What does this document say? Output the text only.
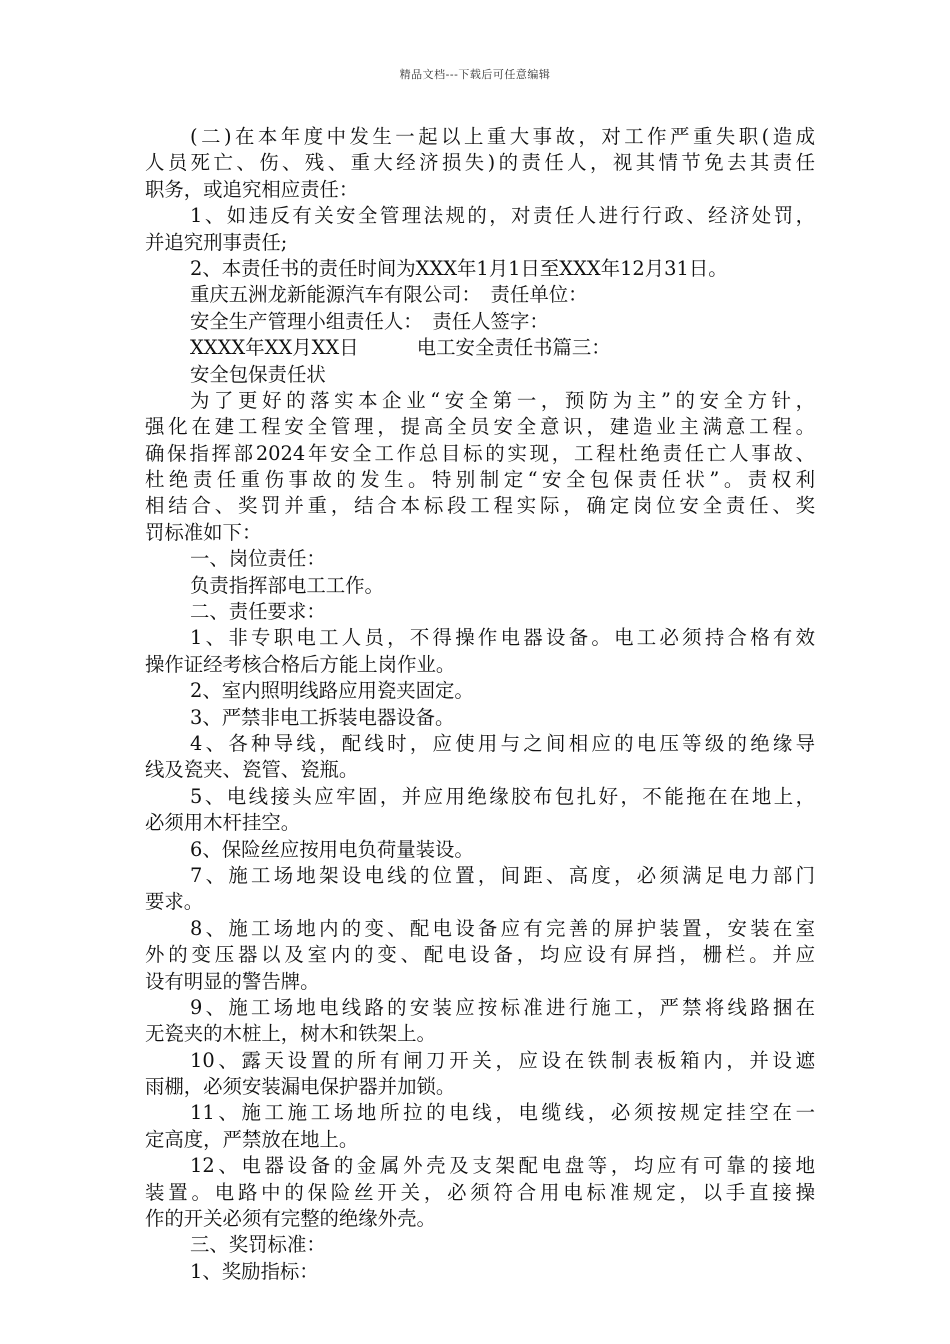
精品文档---下载后可任意编辑
(二)在本年度中发生一起以上重大事故，对工作严重失职(造成
人员死亡、伤、残、重大经济损失)的责任人，视其情节免去其责任
职务，或追究相应责任：
1、如违反有关安全管理法规的，对责任人进行行政、经济处罚，
并追究刑事责任;
2、本责任书的责任时间为XXX年1月1日至XXX年12月31日。
重庆五洲龙新能源汽车有限公司：　责任单位：
安全生产管理小组责任人：　责任人签字：
XXXX年XX月XX日　　　电工安全责任书篇三：
安全包保责任状
为了更好的落实本企业“安全第一，预防为主”的安全方针，
强化在建工程安全管理，提高全员安全意识，建造业主满意工程。
确保指挥部2024年安全工作总目标的实现，工程杜绝责任亡人事故、
杜绝责任重伤事故的发生。特别制定“安全包保责任状”。责权利
相结合、奖罚并重，结合本标段工程实际，确定岗位安全责任、奖
罚标准如下：
一、岗位责任：
负责指挥部电工工作。
二、责任要求：
1、非专职电工人员，不得操作电器设备。电工必须持合格有效
操作证经考核合格后方能上岗作业。
2、室内照明线路应用瓷夹固定。
3、严禁非电工拆装电器设备。
4、各种导线，配线时，应使用与之间相应的电压等级的绝缘导
线及瓷夹、瓷管、瓷瓶。
5、电线接头应牢固，并应用绝缘胶布包扎好，不能拖在在地上，
必须用木杆挂空。
6、保险丝应按用电负荷量装设。
7、施工场地架设电线的位置，间距、高度，必须满足电力部门
要求。
8、施工场地内的变、配电设备应有完善的屏护装置，安装在室
外的变压器以及室内的变、配电设备，均应设有屏挡，栅栏。并应
设有明显的警告牌。
9、施工场地电线路的安装应按标准进行施工，严禁将线路捆在
无瓷夹的木桩上，树木和铁架上。
10、露天设置的所有闸刀开关，应设在铁制表板箱内，并设遮
雨棚，必须安装漏电保护器并加锁。
11、施工施工场地所拉的电线，电缆线，必须按规定挂空在一
定高度，严禁放在地上。
12、电器设备的金属外壳及支架配电盘等，均应有可靠的接地
装置。电路中的保险丝开关，必须符合用电标准规定，以手直接操
作的开关必须有完整的绝缘外壳。
三、奖罚标准：
1、奖励指标：
